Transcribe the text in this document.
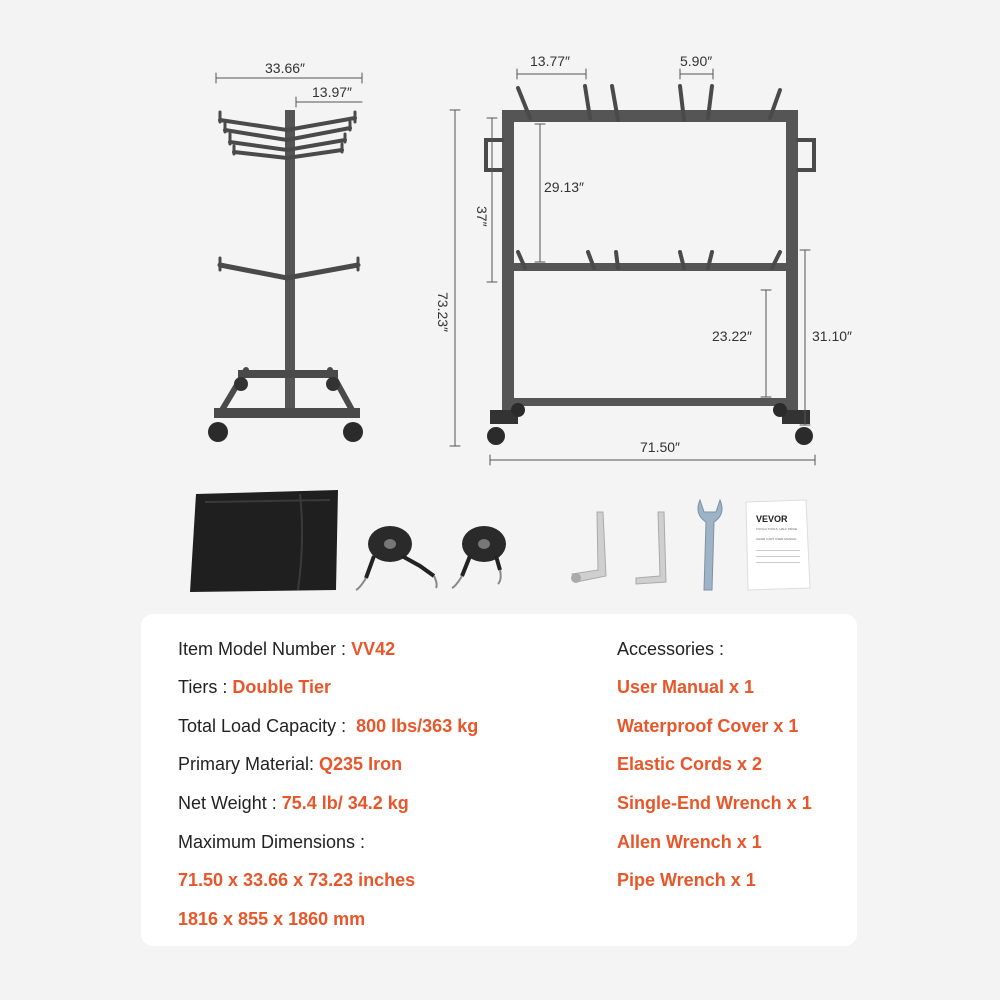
33.66″
13.97″
13.77″	5.90″
73.23″
37″
29.13″
23.22″	31.10″
71.50″
VEVOR
TOUGH TOOLS, HALF PRICE
CHAIR CART USER MANUAL
Item Model Number : VV42
Tiers : Double Tier
Total Load Capacity :  800 lbs/363 kg
Primary Material: Q235 Iron
Net Weight : 75.4 lb/ 34.2 kg
Maximum Dimensions :
71.50 x 33.66 x 73.23 inches
1816 x 855 x 1860 mm
Accessories :
User Manual x 1
Waterproof Cover x 1
Elastic Cords x 2
Single-End Wrench x 1
Allen Wrench x 1
Pipe Wrench x 1
